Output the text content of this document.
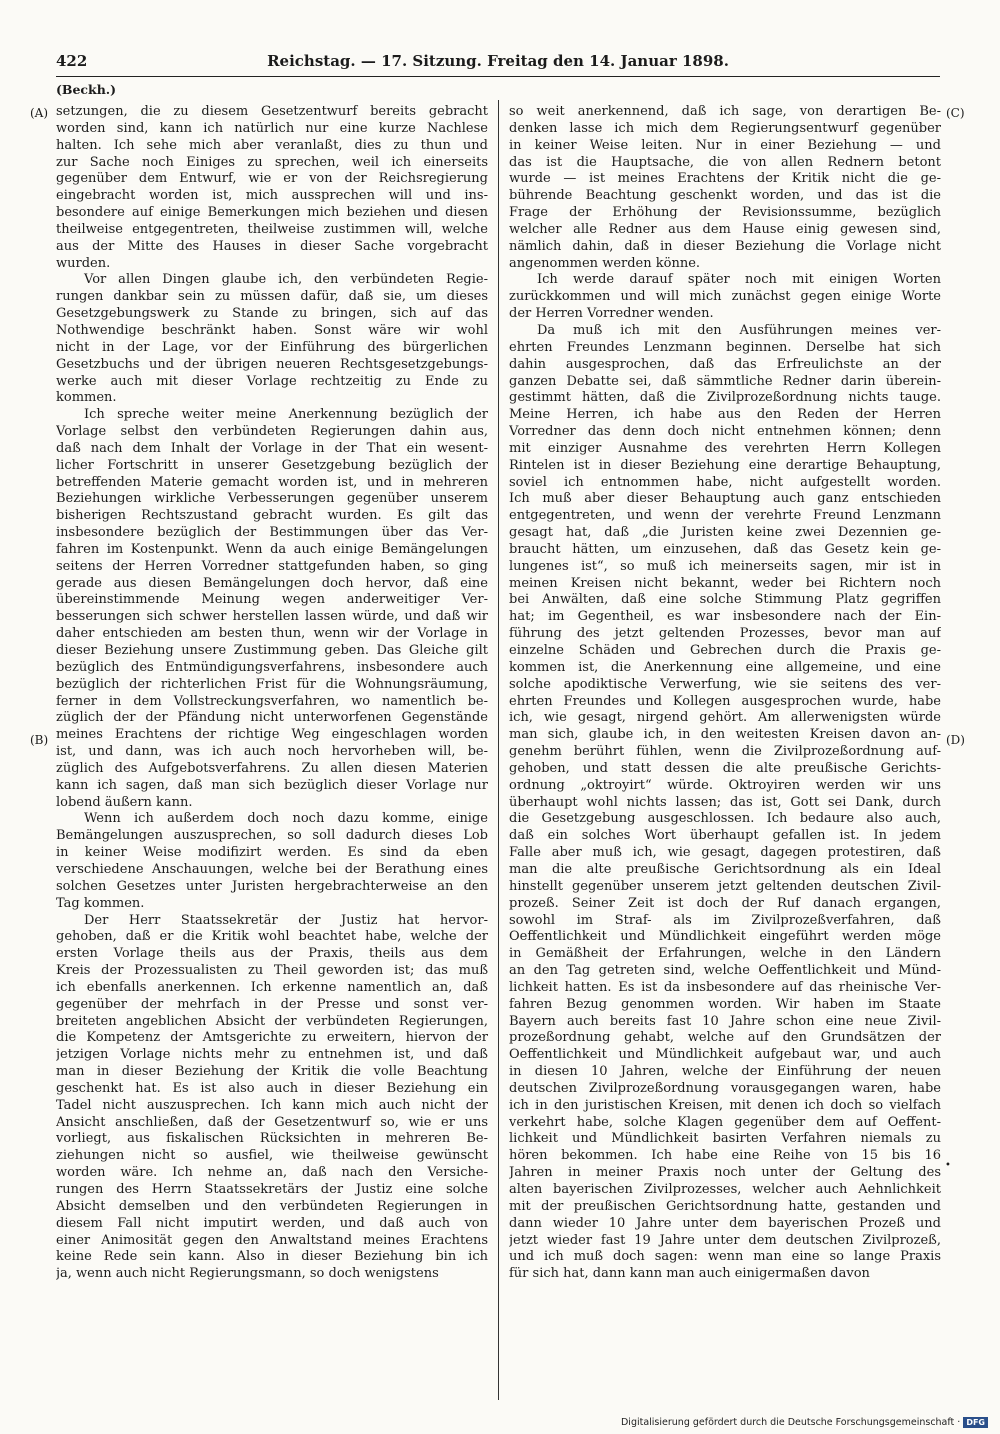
422	Reichstag. — 17. Sitzung. Freitag den 14. Januar 1898.
(Beckh.)
(A)
(B)
(C)
(D)
setzungen, die zu diesem Gesetzentwurf bereits gebracht
worden sind, kann ich natürlich nur eine kurze Nachlese
halten. Ich sehe mich aber veranlaßt, dies zu thun und
zur Sache noch Einiges zu sprechen, weil ich einerseits
gegenüber dem Entwurf, wie er von der Reichsregierung
eingebracht worden ist, mich aussprechen will und ins-
besondere auf einige Bemerkungen mich beziehen und diesen
theilweise entgegentreten, theilweise zustimmen will, welche
aus der Mitte des Hauses in dieser Sache vorgebracht
wurden.
Vor allen Dingen glaube ich, den verbündeten Regie-
rungen dankbar sein zu müssen dafür, daß sie, um dieses
Gesetzgebungswerk zu Stande zu bringen, sich auf das
Nothwendige beschränkt haben. Sonst wäre wir wohl
nicht in der Lage, vor der Einführung des bürgerlichen
Gesetzbuchs und der übrigen neueren Rechtsgesetzgebungs-
werke auch mit dieser Vorlage rechtzeitig zu Ende zu
kommen.
Ich spreche weiter meine Anerkennung bezüglich der
Vorlage selbst den verbündeten Regierungen dahin aus,
daß nach dem Inhalt der Vorlage in der That ein wesent-
licher Fortschritt in unserer Gesetzgebung bezüglich der
betreffenden Materie gemacht worden ist, und in mehreren
Beziehungen wirkliche Verbesserungen gegenüber unserem
bisherigen Rechtszustand gebracht wurden. Es gilt das
insbesondere bezüglich der Bestimmungen über das Ver-
fahren im Kostenpunkt. Wenn da auch einige Bemängelungen
seitens der Herren Vorredner stattgefunden haben, so ging
gerade aus diesen Bemängelungen doch hervor, daß eine
übereinstimmende Meinung wegen anderweitiger Ver-
besserungen sich schwer herstellen lassen würde, und daß wir
daher entschieden am besten thun, wenn wir der Vorlage in
dieser Beziehung unsere Zustimmung geben. Das Gleiche gilt
bezüglich des Entmündigungsverfahrens, insbesondere auch
bezüglich der richterlichen Frist für die Wohnungsräumung,
ferner in dem Vollstreckungsverfahren, wo namentlich be-
züglich der der Pfändung nicht unterworfenen Gegenstände
meines Erachtens der richtige Weg eingeschlagen worden
ist, und dann, was ich auch noch hervorheben will, be-
züglich des Aufgebotsverfahrens. Zu allen diesen Materien
kann ich sagen, daß man sich bezüglich dieser Vorlage nur
lobend äußern kann.
Wenn ich außerdem doch noch dazu komme, einige
Bemängelungen auszusprechen, so soll dadurch dieses Lob
in keiner Weise modifizirt werden. Es sind da eben
verschiedene Anschauungen, welche bei der Berathung eines
solchen Gesetzes unter Juristen hergebrachterweise an den
Tag kommen.
Der Herr Staatssekretär der Justiz hat hervor-
gehoben, daß er die Kritik wohl beachtet habe, welche der
ersten Vorlage theils aus der Praxis, theils aus dem
Kreis der Prozessualisten zu Theil geworden ist; das muß
ich ebenfalls anerkennen. Ich erkenne namentlich an, daß
gegenüber der mehrfach in der Presse und sonst ver-
breiteten angeblichen Absicht der verbündeten Regierungen,
die Kompetenz der Amtsgerichte zu erweitern, hiervon der
jetzigen Vorlage nichts mehr zu entnehmen ist, und daß
man in dieser Beziehung der Kritik die volle Beachtung
geschenkt hat. Es ist also auch in dieser Beziehung ein
Tadel nicht auszusprechen. Ich kann mich auch nicht der
Ansicht anschließen, daß der Gesetzentwurf so, wie er uns
vorliegt, aus fiskalischen Rücksichten in mehreren Be-
ziehungen nicht so ausfiel, wie theilweise gewünscht
worden wäre. Ich nehme an, daß nach den Versiche-
rungen des Herrn Staatssekretärs der Justiz eine solche
Absicht demselben und den verbündeten Regierungen in
diesem Fall nicht imputirt werden, und daß auch von
einer Animosität gegen den Anwaltstand meines Erachtens
keine Rede sein kann. Also in dieser Beziehung bin ich
ja, wenn auch nicht Regierungsmann, so doch wenigstens
so weit anerkennend, daß ich sage, von derartigen Be-
denken lasse ich mich dem Regierungsentwurf gegenüber
in keiner Weise leiten. Nur in einer Beziehung — und
das ist die Hauptsache, die von allen Rednern betont
wurde — ist meines Erachtens der Kritik nicht die ge-
bührende Beachtung geschenkt worden, und das ist die
Frage der Erhöhung der Revisionssumme, bezüglich
welcher alle Redner aus dem Hause einig gewesen sind,
nämlich dahin, daß in dieser Beziehung die Vorlage nicht
angenommen werden könne.
Ich werde darauf später noch mit einigen Worten
zurückkommen und will mich zunächst gegen einige Worte
der Herren Vorredner wenden.
Da muß ich mit den Ausführungen meines ver-
ehrten Freundes Lenzmann beginnen. Derselbe hat sich
dahin ausgesprochen, daß das Erfreulichste an der
ganzen Debatte sei, daß sämmtliche Redner darin überein-
gestimmt hätten, daß die Zivilprozeßordnung nichts tauge.
Meine Herren, ich habe aus den Reden der Herren
Vorredner das denn doch nicht entnehmen können; denn
mit einziger Ausnahme des verehrten Herrn Kollegen
Rintelen ist in dieser Beziehung eine derartige Behauptung,
soviel ich entnommen habe, nicht aufgestellt worden.
Ich muß aber dieser Behauptung auch ganz entschieden
entgegentreten, und wenn der verehrte Freund Lenzmann
gesagt hat, daß „die Juristen keine zwei Dezennien ge-
braucht hätten, um einzusehen, daß das Gesetz kein ge-
lungenes ist“, so muß ich meinerseits sagen, mir ist in
meinen Kreisen nicht bekannt, weder bei Richtern noch
bei Anwälten, daß eine solche Stimmung Platz gegriffen
hat; im Gegentheil, es war insbesondere nach der Ein-
führung des jetzt geltenden Prozesses, bevor man auf
einzelne Schäden und Gebrechen durch die Praxis ge-
kommen ist, die Anerkennung eine allgemeine, und eine
solche apodiktische Verwerfung, wie sie seitens des ver-
ehrten Freundes und Kollegen ausgesprochen wurde, habe
ich, wie gesagt, nirgend gehört. Am allerwenigsten würde
man sich, glaube ich, in den weitesten Kreisen davon an-
genehm berührt fühlen, wenn die Zivilprozeßordnung auf-
gehoben, und statt dessen die alte preußische Gerichts-
ordnung „oktroyirt“ würde. Oktroyiren werden wir uns
überhaupt wohl nichts lassen; das ist, Gott sei Dank, durch
die Gesetzgebung ausgeschlossen. Ich bedaure also auch,
daß ein solches Wort überhaupt gefallen ist. In jedem
Falle aber muß ich, wie gesagt, dagegen protestiren, daß
man die alte preußische Gerichtsordnung als ein Ideal
hinstellt gegenüber unserem jetzt geltenden deutschen Zivil-
prozeß. Seiner Zeit ist doch der Ruf danach ergangen,
sowohl im Straf- als im Zivilprozeßverfahren, daß
Oeffentlichkeit und Mündlichkeit eingeführt werden möge
in Gemäßheit der Erfahrungen, welche in den Ländern
an den Tag getreten sind, welche Oeffentlichkeit und Münd-
lichkeit hatten. Es ist da insbesondere auf das rheinische Ver-
fahren Bezug genommen worden. Wir haben im Staate
Bayern auch bereits fast 10 Jahre schon eine neue Zivil-
prozeßordnung gehabt, welche auf den Grundsätzen der
Oeffentlichkeit und Mündlichkeit aufgebaut war, und auch
in diesen 10 Jahren, welche der Einführung der neuen
deutschen Zivilprozeßordnung vorausgegangen waren, habe
ich in den juristischen Kreisen, mit denen ich doch so vielfach
verkehrt habe, solche Klagen gegenüber dem auf Oeffent-
lichkeit und Mündlichkeit basirten Verfahren niemals zu
hören bekommen. Ich habe eine Reihe von 15 bis 16
Jahren in meiner Praxis noch unter der Geltung des
alten bayerischen Zivilprozesses, welcher auch Aehnlichkeit
mit der preußischen Gerichtsordnung hatte, gestanden und
dann wieder 10 Jahre unter dem bayerischen Prozeß und
jetzt wieder fast 19 Jahre unter dem deutschen Zivilprozeß,
und ich muß doch sagen: wenn man eine so lange Praxis
für sich hat, dann kann man auch einigermaßen davon
•
Digitalisierung gefördert durch die Deutsche Forschungsgemeinschaft · DFG
